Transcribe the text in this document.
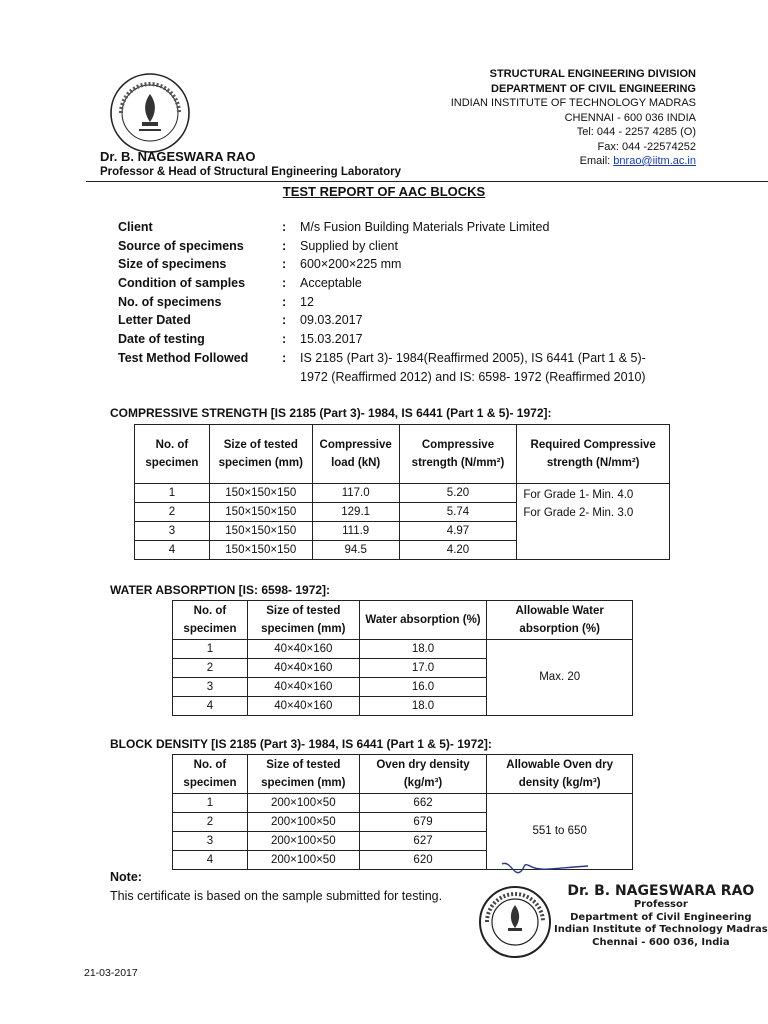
STRUCTURAL ENGINEERING DIVISION
DEPARTMENT OF CIVIL ENGINEERING
INDIAN INSTITUTE OF TECHNOLOGY MADRAS
CHENNAI - 600 036 INDIA
Tel: 044 - 2257 4285 (O)
Fax: 044 -22574252
Email: bnrao@iitm.ac.in
Dr. B. NAGESWARA RAO
Professor & Head of Structural Engineering Laboratory
TEST REPORT OF AAC BLOCKS
Client	:	M/s Fusion Building Materials Private Limited
Source of specimens	:	Supplied by client
Size of specimens	:	600×200×225 mm
Condition of samples	:	Acceptable
No. of specimens	:	12
Letter Dated	:	09.03.2017
Date of testing	:	15.03.2017
Test Method Followed	:	IS 2185 (Part 3)- 1984(Reaffirmed 2005), IS 6441 (Part 1 & 5)- 1972 (Reaffirmed 2012) and IS: 6598- 1972 (Reaffirmed 2010)
COMPRESSIVE STRENGTH [IS 2185 (Part 3)- 1984, IS 6441 (Part 1 & 5)- 1972]:
No. of specimen	Size of tested specimen (mm)	Compressive load (kN)	Compressive strength (N/mm²)	Required Compressive strength (N/mm²)
1	150×150×150	117.0	5.20	For Grade 1- Min. 4.0
For Grade 2- Min. 3.0

2	150×150×150	129.1	5.74	
3	150×150×150	111.9	4.97	
4	150×150×150	94.5	4.20	
WATER ABSORPTION [IS: 6598- 1972]:
No. of specimen	Size of tested specimen (mm)	Water absorption (%)	Allowable Water absorption (%)
1	40×40×160	18.0	Max. 20
2	40×40×160	17.0	
3	40×40×160	16.0	
4	40×40×160	18.0	
BLOCK DENSITY [IS 2185 (Part 3)- 1984, IS 6441 (Part 1 & 5)- 1972]:
No. of specimen	Size of tested specimen (mm)	Oven dry density (kg/m³)	Allowable Oven dry density (kg/m³)
1	200×100×50	662	551 to 650
2	200×100×50	679	
3	200×100×50	627	
4	200×100×50	620	
Note:
This certificate is based on the sample submitted for testing.	Dr. B. NAGESWARA RAO
Professor
Department of Civil Engineering
Indian Institute of Technology Madras
Chennai - 600 036, India
21-03-2017
